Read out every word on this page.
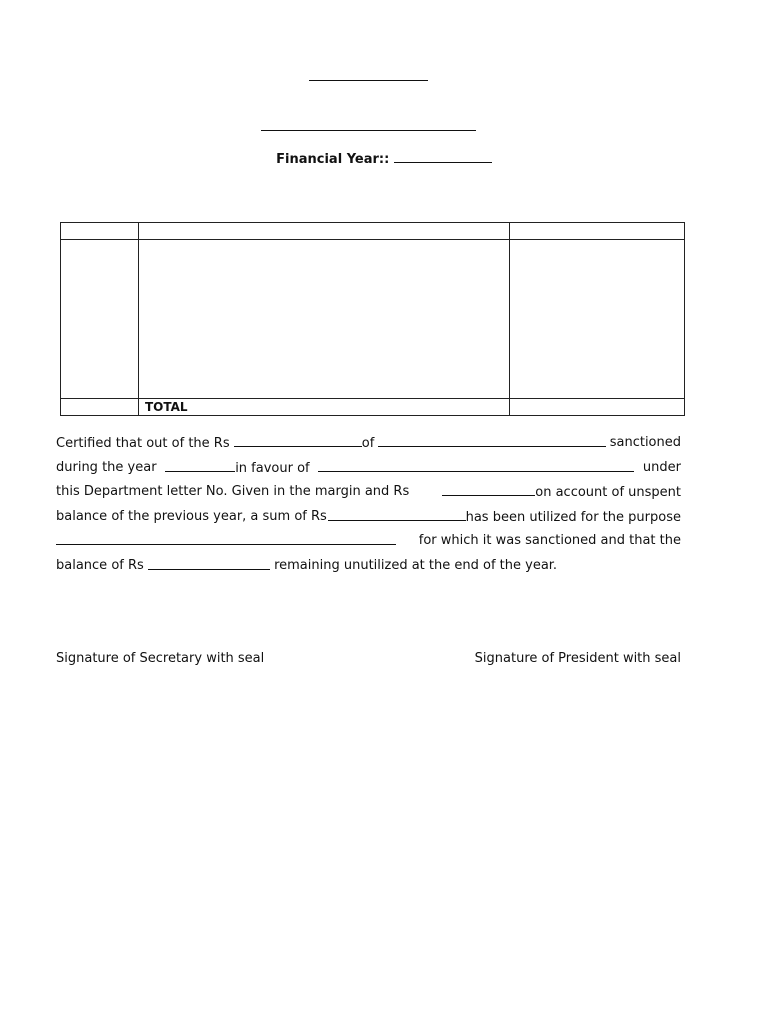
Financial Year::

	TOTAL	
Certified that out of the Rs	of	sanctioned
during the year	in favour of	under
this Department letter No. Given in the margin and Rs	on account of unspent
balance of the previous year, a sum of Rs	has been utilized for the purpose
for which it was sanctioned and that the
balance of Rs

	remaining unutilized at the end of the year.
Signature of Secretary with seal	Signature of President with seal
